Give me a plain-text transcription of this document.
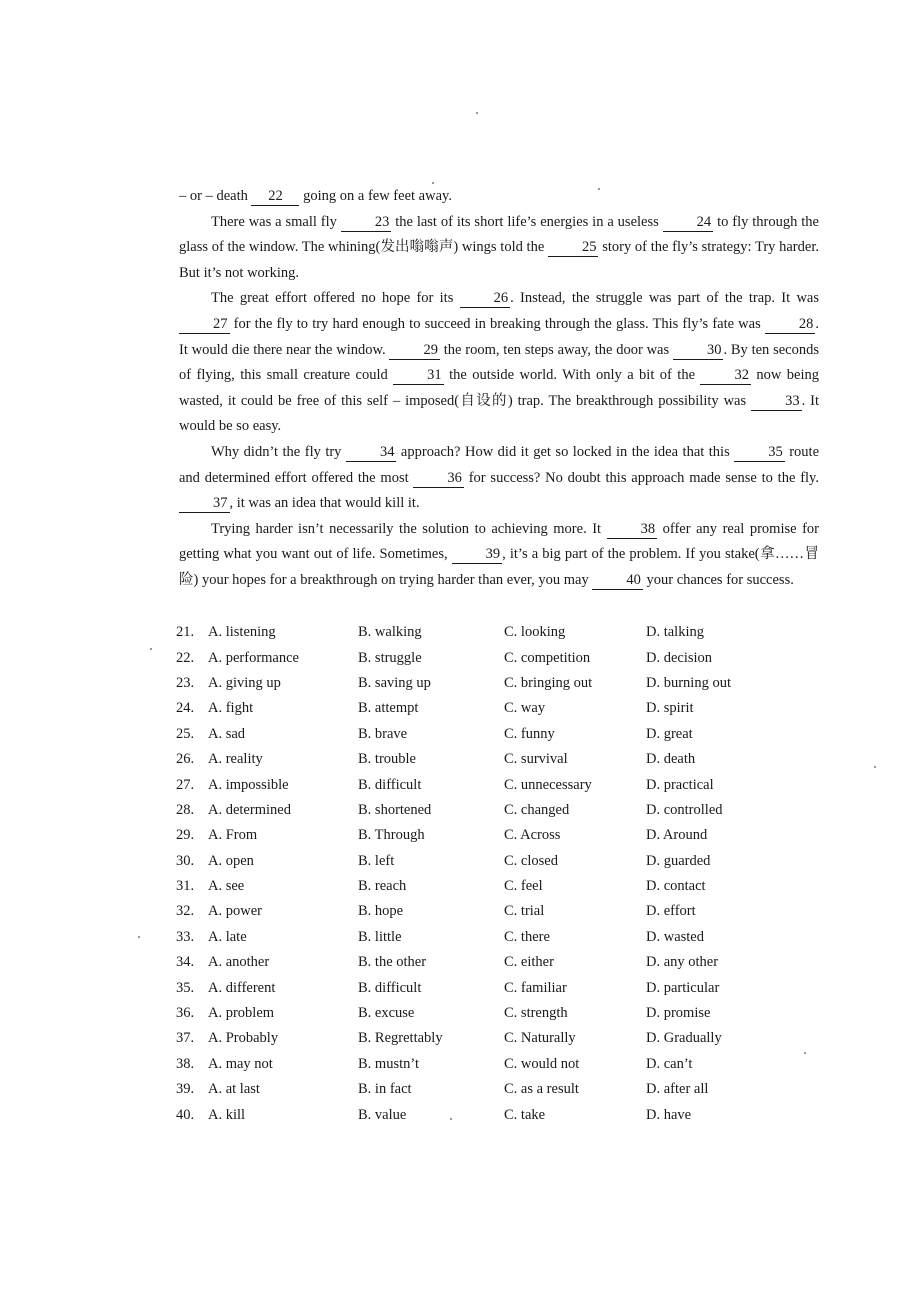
– or – death 22 going on a few feet away.

There was a small fly 23 the last of its short life’s energies in a useless 24 to fly through the glass of the window. The whining(发出嗡嗡声) wings told the 25 story of the fly’s strategy: Try harder. But it’s not working.

The great effort offered no hope for its 26 . Instead, the struggle was part of the trap. It was 27 for the fly to try hard enough to succeed in breaking through the glass. This fly’s fate was 28 . It would die there near the window. 29 the room, ten steps away, the door was 30 . By ten seconds of flying, this small creature could 31 the outside world. With only a bit of the 32 now being wasted, it could be free of this self – imposed(自设的) trap. The breakthrough possibility was 33 . It would be so easy.

Why didn’t the fly try 34 approach? How did it get so locked in the idea that this 35 route and determined effort offered the most 36 for success? No doubt this approach made sense to the fly. 37 , it was an idea that would kill it.

Trying harder isn’t necessarily the solution to achieving more. It 38 offer any real promise for getting what you want out of life. Sometimes, 39 , it’s a big part of the problem. If you stake(拿……冒险) your hopes for a breakthrough on trying harder than ever, you may 40 your chances for success.

21. A. listening	B. walking	C. looking	D. talking
22. A. performance	B. struggle	C. competition	D. decision
23. A. giving up	B. saving up	C. bringing out	D. burning out
24. A. fight	B. attempt	C. way	D. spirit
25. A. sad	B. brave	C. funny	D. great
26. A. reality	B. trouble	C. survival	D. death
27. A. impossible	B. difficult	C. unnecessary	D. practical
28. A. determined	B. shortened	C. changed	D. controlled
29. A. From	B. Through	C. Across	D. Around
30. A. open	B. left	C. closed	D. guarded
31. A. see	B. reach	C. feel	D. contact
32. A. power	B. hope	C. trial	D. effort
33. A. late	B. little	C. there	D. wasted
34. A. another	B. the other	C. either	D. any other
35. A. different	B. difficult	C. familiar	D. particular
36. A. problem	B. excuse	C. strength	D. promise
37. A. Probably	B. Regrettably	C. Naturally	D. Gradually
38. A. may not	B. mustn’t	C. would not	D. can’t
39. A. at last	B. in fact	C. as a result	D. after all
40. A. kill	B. value	C. take	D. have
